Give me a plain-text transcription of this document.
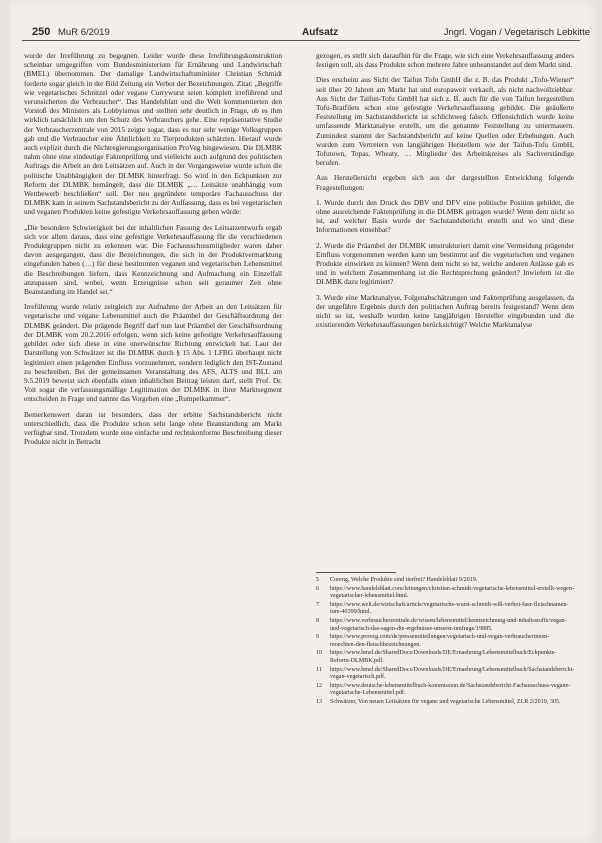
250 MuR 6/2019	Aufsatz	Jngrl. Vogan / Vegetarisch Lebkitte

wurde der Irreführung zu begegnen. Leider wurde diese Irreführungskonstruktion scheinbar umgegriffen vom Bundesministerium für Ernährung und Landwirtschaft (BMEL) übernommen. Der damalige Landwirtschaftsminister Christian Schmidt forderte sogar gleich in der Bild Zeitung ein Verbot der Bezeichnungen. Zitat: „Begriffe wie vegetarisches Schnitzel oder vegane Currywurst seien komplett irreführend und verunsicherten die Verbraucher“. Das Handelsblatt und die Welt kommentierten den Vorstoß des Ministers als Lobbyismus und stellten sehr deutlich in Frage, ob es ihm wirklich tatsächlich um den Schutz des Verbrauchers gehe. Eine repräsentative Studie der Verbraucherzentrale von 2015 zeigte sogar, dass es nur sehr wenige Volksgruppen gab und die Verbraucher eine Ähnlichkeit zu Tierprodukten schätzten. Hierauf wurde auch explizit durch die Nichtregierungsorganisation ProVeg hingewiesen. Die DLMBK nahm ohne eine eindeutige Faktenprüfung und vielleicht auch aufgrund des politischen Auftrags die Arbeit an den Leitsätzen auf. Auch in der Vorgangsweise wurde schon die politische Unabhängigkeit der DLMBK hinterfragt. So wird in den Eckpunkten zur Reform der DLMBK bemängelt, dass die DLMBK „… Leitsätze unabhängig vom Wettbewerb beschließen“ soll. Der neu gegründete temporäre Fachausschuss der DLMBK kam in seinem Sachstandsbericht zu der Auffassung, dass es bei vegetarischen und veganen Produkten keine gefestigte Verkehrsauffassung geben würde:

„Die besondere Schwierigkeit bei der inhaltlichen Fassung des Leitsatzentwurfs ergab sich vor allem daraus, dass eine gefestigte Verkehrsauffassung für die verschiedenen Produktgruppen nicht zu erkennen war. Die Fachausschussmitglieder waren daher davon ausgegangen, dass die Bezeichnungen, die sich in der Produktvermarktung eingefunden haben (…) für diese bestimmten veganen und vegetarischen Lebensmittel die Beschreibungen liefern, dass Kennzeichnung und Aufmachung ein Einzelfall anzupassen sind, wobei, wenn Erzeugnisse schon seit geraumer Zeit ohne Beanstandung im Handel sei.“

Irreführung wurde relativ zeitgleich zur Aufnahme der Arbeit an den Leitsätzen für vegetarische und vegane Lebensmittel auch die Präambel der Geschäftsordnung der DLMBK geändert. Die prägende Begriff darf nun laut Präambel der Geschäftsordnung der DLMBK vom 20.2.2016 erfolgen, wenn sich keine gefestigte Verkehrsauffassung gebildet oder sich diese in eine unerwünschte Richtung entwickelt hat. Laut der Darstellung von Schwätzer ist die DLMBK durch § 15 Abs. 1 LFBG überhaupt nicht legitimiert einen prägenden Einfluss vorzunehmen, sondern lediglich den IST-Zustand zu beschreiben. Bei der gemeinsamen Veranstaltung des AFS, ALTS und BLL am 9.5.2019 beweist sich ebenfalls einen inhaltlichen Beitrag leisten darf, stellt Prof. Dr. Voit sogar die verfassungsmäßige Legitimation der DLMBK in ihrer Marktsegment entscheiden in Frage und nannte das Vorgehen eine „Rumpelkammer“.

Bemerkenswert daran ist besonders, dass der erbitte Sachstandsbericht nicht unterschiedlich, dass die Produkte schon sehr lange ohne Beanstandung am Markt verfügbar sind. Trotzdem wurde eine einfache und rechtskonforme Beschreibung dieser Produkte nicht in Betracht

gezogen, es stellt sich daraufhin für die Frage, wie sich eine Verkehrsauffassung anders festigen soll, als dass Produkte schon mehrere Jahre unbeanstandet auf dem Markt sind.

Dies erscheint aus Sicht der Taifun Tofu GmbH die z. B. das Produkt „Tofu-Wiener“ seit über 20 Jahren am Markt hat und europaweit verkauft, als nicht nachvollziehbar. Aus Sicht der Taifun-Tofu GmbH hat sich z. B. auch für die von Taifun hergestellten Tofu-Bratfilets schon eine gefestigte Verkehrsauffassung gebildet. Die geäußerte Feststellung im Sachstandsbericht ist schlichtweg falsch. Offensichtlich wurde keine umfassende Marktanalyse erstellt, um die genannte Feststellung zu untermauern. Zumindest stammt der Sachstandsbericht auf keine Quellen oder Erhebungen. Auch wurden zum Vertretern von langjährigen Herstellern wie der Taifun-Tofu GmbH, Tofutown, Topas, Wheaty, … Mitglieder des Arbeitskreises als Sachverständige berufen.

Aus Herstellersicht ergeben sich aus der dargestellten Entwicklung folgende Fragestellungen:

1. Wurde durch den Druck des DBV und DFV eine politische Position gebildet, die ohne ausreichende Faktenprüfung in die DLMBK getragen wurde? Wenn dem nicht so ist, auf welcher Basis wurde der Sachstandsbericht erstellt und wo sind diese Informationen einsehbar?

2. Wurde die Präambel der DLMBK umstrukturiert damit eine Vermeidung prägender Einfluss vorgenommen werden kann um bestimmt auf die vegetarischen und veganen Produkte einwirken zu können? Wenn dem nicht so ist, welche anderen Anlässe gab es und in welchem Zusammenhang ist die Rechtsprechung geändert? Inwiefern ist die DLMBK dazu legitimiert?

3. Wurde eine Marktanalyse, Folgenabschätzungen und Faktenprüfung ausgelassen, da der ungefähre Ergebnis durch den politischen Auftrag bereits festgestand? Wenn dem nicht so ist, weshalb wurden keine langjährigen Hersteller eingebunden und die existierenden Verkehrsauffassungen berücksichtigt? Welche Marktanalyse

5 Coreng, Welche Produkte sind tierfrei? Handelsblatt 9/2019.
6 https://www.handelsblatt.com/leitungen/christian-schmidt-vegetarische-lebensmittel-erstellt-wegen-vegetarischer-lebensmittel.html.
7 https://www.welt.de/wirtschaft/article/vegetarische-wurst-schmidt-will-verbot-fuer-fleischnamen-iure-40399/html.
8 https://www.verbraucherzentrale.de/wissen/lebensmittel/kennzeichnung-und-inhaltsstoffe/vegan-und-vegetarisch-das-sagen-die-ergebnisse-unserer-umfrage/19885.
9 https://www.proveg.com/de/pressemitteilungen/vegetarisch-und-vegan-verbraucherinnen-moechten-den-fleischbezeichnungen.
10 https://www.bmel.de/SharedDocs/Downloads/DE/Ernaehrung/Lebensmittelbuch/Eckpunkte-Reform-DLMBK.pdf.
11 https://www.bmel.de/SharedDocs/Downloads/DE/Ernaehrung/Lebensmittelbuch/Sachstandsbericht-vegan-vegetarisch.pdf.
12 https://www.deutsche-lebensmittelbuch-kommission.de/Sachstandsbericht-Fachausschuss-vegane-vegetarische-Lebensmittel.pdf.
13 Schwätzer, Von neuen Leitsätzen für vegane und vegetarische Lebensmittel, ZLR 2/2019, 305.
